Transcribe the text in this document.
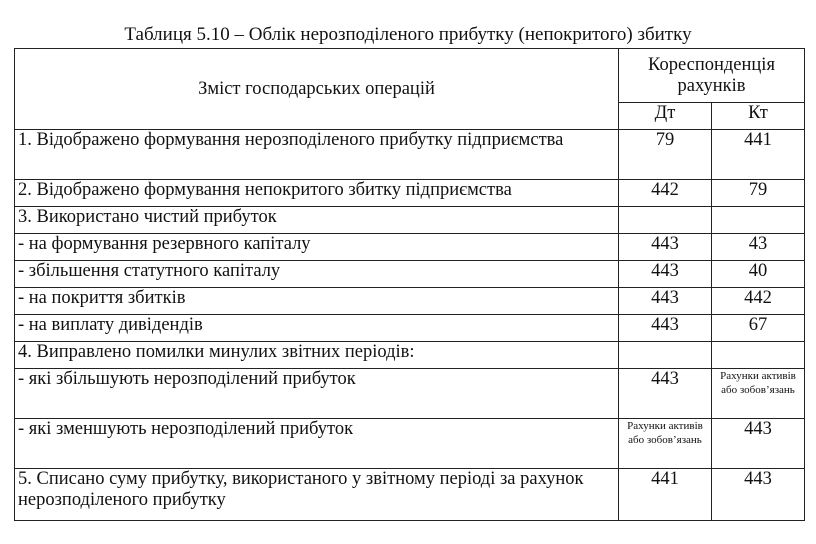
Таблиця 5.10 – Облік нерозподіленого прибутку (непокритого) збитку
Зміст господарських операцій	Кореспонденція рахунків	
	Дт	Кт
1. Відображено формування нерозподіленого прибутку підприємства	79	441
2. Відображено формування непокритого збитку підприємства	442	79
3. Використано чистий прибуток		
- на формування резервного капіталу	443	43
- збільшення статутного капіталу	443	40
- на покриття збитків	443	442
- на виплату дивідендів	443	67
4. Виправлено помилки минулих звітних періодів:		
- які збільшують нерозподілений прибуток	443	Рахунки активів або зобов’язань
- які зменшують нерозподілений прибуток	Рахунки активів або зобов’язань	443
5. Списано суму прибутку, використаного у звітному періоді за рахунок нерозподіленого прибутку	441	443
